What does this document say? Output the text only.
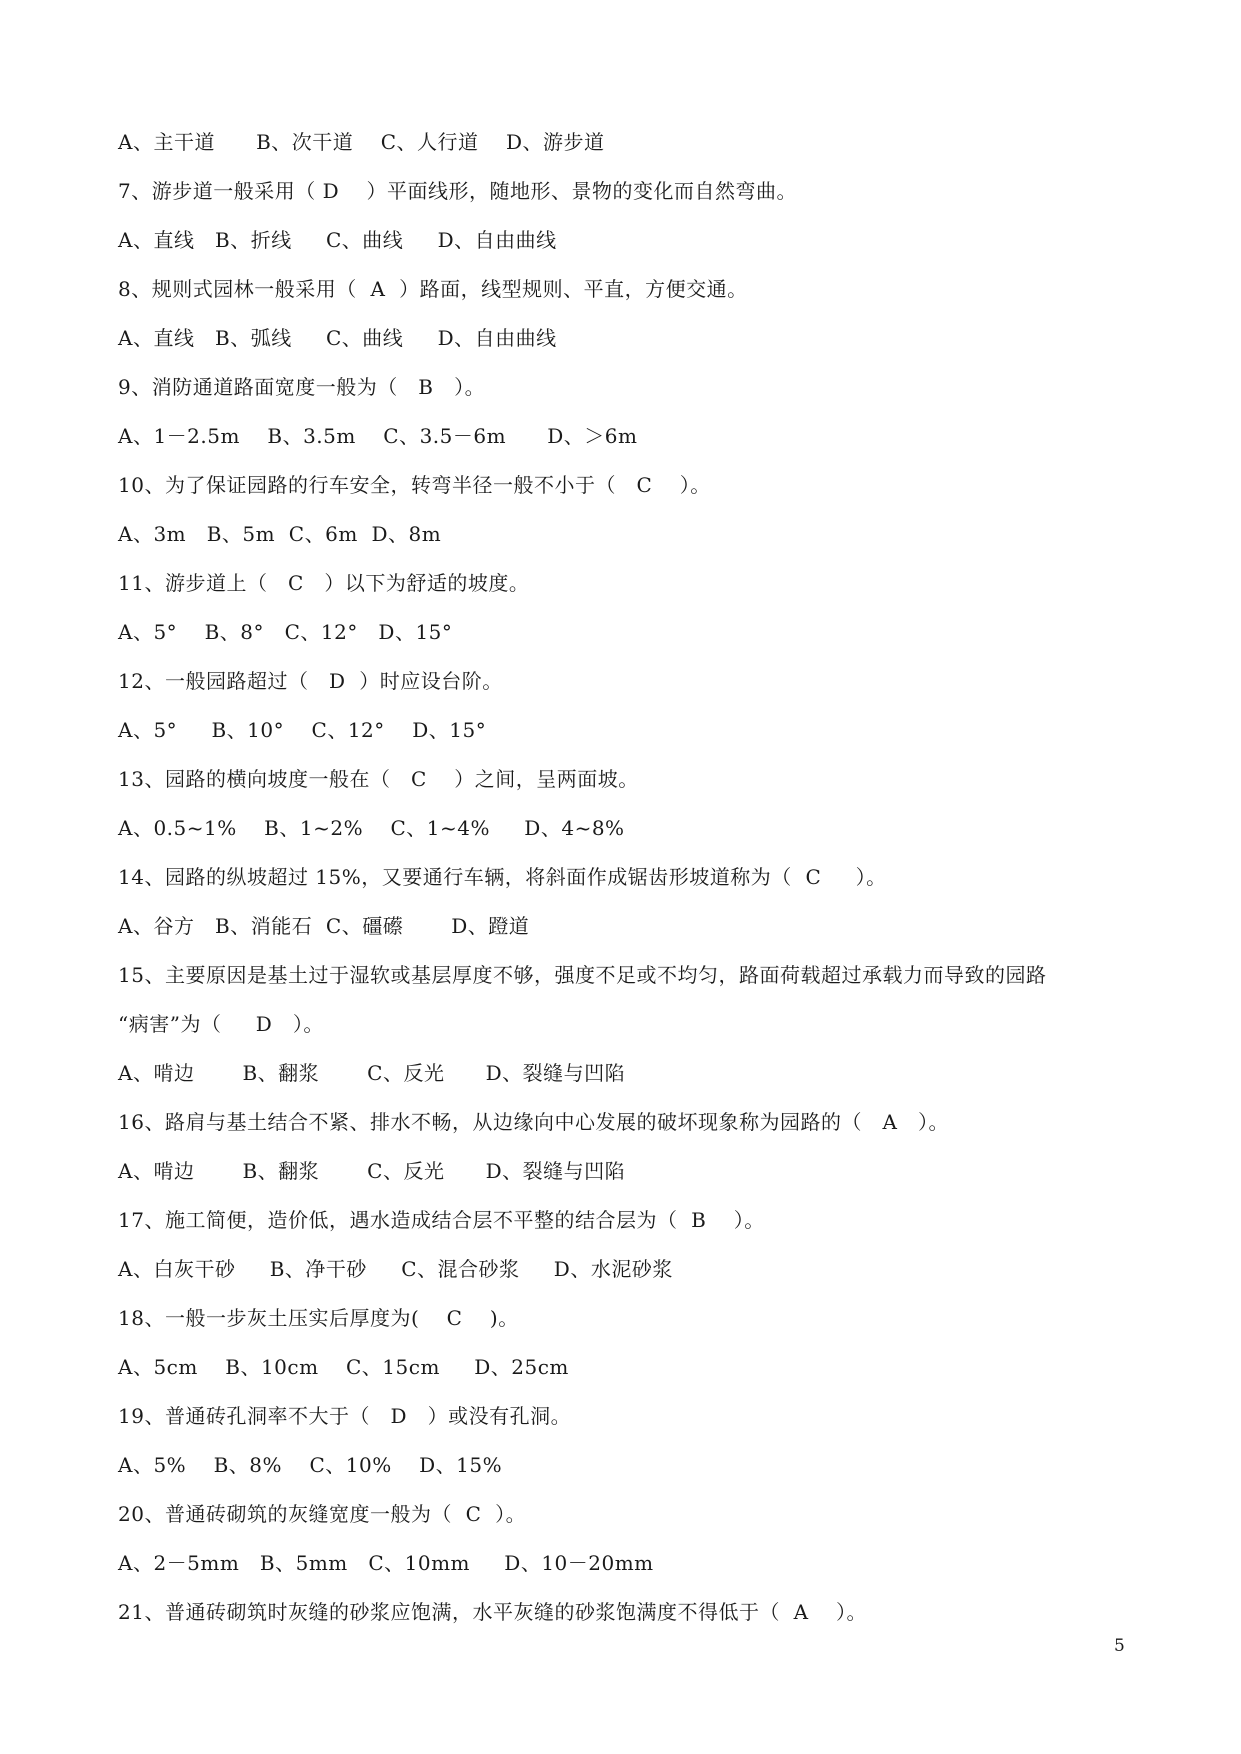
A、主干道      B、次干道    C、人行道    D、游步道
7、游步道一般采用（ D    ）平面线形，随地形、景物的变化而自然弯曲。
A、直线   B、折线     C、曲线     D、自由曲线
8、规则式园林一般采用（  A  ）路面，线型规则、平直，方便交通。
A、直线   B、弧线     C、曲线     D、自由曲线
9、消防通道路面宽度一般为（   B   ）。
A、1－2.5m    B、3.5m    C、3.5－6m      D、＞6m
10、为了保证园路的行车安全，转弯半径一般不小于（   C    ）。
A、3m   B、5m  C、6m  D、8m
11、游步道上（   C   ）以下为舒适的坡度。
A、5°    B、8°   C、12°   D、15°
12、一般园路超过（   D  ）时应设台阶。
A、5°     B、10°    C、12°    D、15°
13、园路的横向坡度一般在（   C    ）之间，呈两面坡。
A、0.5~1%    B、1~2%    C、1~4%     D、4~8%
14、园路的纵坡超过 15%，又要通行车辆，将斜面作成锯齿形坡道称为（  C     ）。
A、谷方   B、消能石  C、礓礤       D、蹬道
15、主要原因是基土过于湿软或基层厚度不够，强度不足或不均匀，路面荷载超过承载力而导致的园路
“病害”为（     D   ）。
A、啃边       B、翻浆       C、反光      D、裂缝与凹陷
16、路肩与基土结合不紧、排水不畅，从边缘向中心发展的破坏现象称为园路的（   A   ）。
A、啃边       B、翻浆       C、反光      D、裂缝与凹陷
17、施工简便，造价低，遇水造成结合层不平整的结合层为（  B    ）。
A、白灰干砂     B、净干砂     C、混合砂浆     D、水泥砂浆
18、一般一步灰土压实后厚度为(    C    )。
A、5cm    B、10cm    C、15cm     D、25cm
19、普通砖孔洞率不大于（   D   ）或没有孔洞。
A、5%    B、8%    C、10%    D、15%
20、普通砖砌筑的灰缝宽度一般为（  C  ）。
A、2－5mm   B、5mm   C、10mm     D、10－20mm
21、普通砖砌筑时灰缝的砂浆应饱满，水平灰缝的砂浆饱满度不得低于（  A    ）。
5
